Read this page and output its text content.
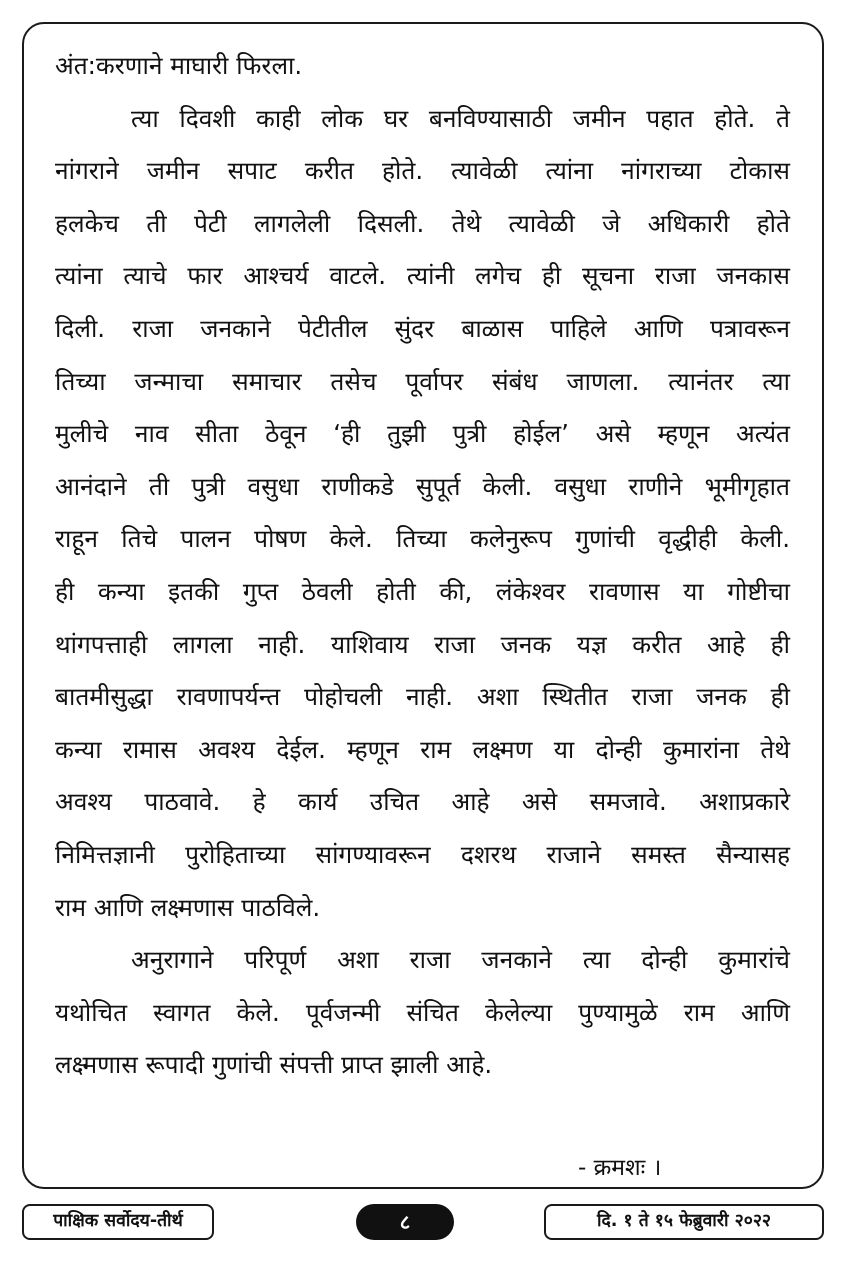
अंत:करणाने माघारी फिरला.
त्या दिवशी काही लोक घर बनविण्यासाठी जमीन पहात होते. ते
नांगराने जमीन सपाट करीत होते. त्यावेळी त्यांना नांगराच्या टोकास
हलकेच ती पेटी लागलेली दिसली. तेथे त्यावेळी जे अधिकारी होते
त्यांना त्याचे फार आश्चर्य वाटले. त्यांनी लगेच ही सूचना राजा जनकास
दिली. राजा जनकाने पेटीतील सुंदर बाळास पाहिले आणि पत्रावरून
तिच्या जन्माचा समाचार तसेच पूर्वापर संबंध जाणला. त्यानंतर त्या
मुलीचे नाव सीता ठेवून ‘ही तुझी पुत्री होईल’ असे म्हणून अत्यंत
आनंदाने ती पुत्री वसुधा राणीकडे सुपूर्त केली. वसुधा राणीने भूमीगृहात
राहून तिचे पालन पोषण केले. तिच्या कलेनुरूप गुणांची वृद्धीही केली.
ही कन्या इतकी गुप्त ठेवली होती की, लंकेश्वर रावणास या गोष्टीचा
थांगपत्ताही लागला नाही. याशिवाय राजा जनक यज्ञ करीत आहे ही
बातमीसुद्धा रावणापर्यन्त पोहोचली नाही. अशा स्थितीत राजा जनक ही
कन्या रामास अवश्य देईल. म्हणून राम लक्ष्मण या दोन्ही कुमारांना तेथे
अवश्य पाठवावे. हे कार्य उचित आहे असे समजावे. अशाप्रकारे
निमित्तज्ञानी पुरोहिताच्या सांगण्यावरून दशरथ राजाने समस्त सैन्यासह
राम आणि लक्ष्मणास पाठविले.
अनुरागाने परिपूर्ण अशा राजा जनकाने त्या दोन्ही कुमारांचे
यथोचित स्वागत केले. पूर्वजन्मी संचित केलेल्या पुण्यामुळे राम आणि
लक्ष्मणास रूपादी गुणांची संपत्ती प्राप्त झाली आहे.
- क्रमशः ।
पाक्षिक सर्वोदय-तीर्थ	८	दि. १ ते १५ फेब्रुवारी २०२२
